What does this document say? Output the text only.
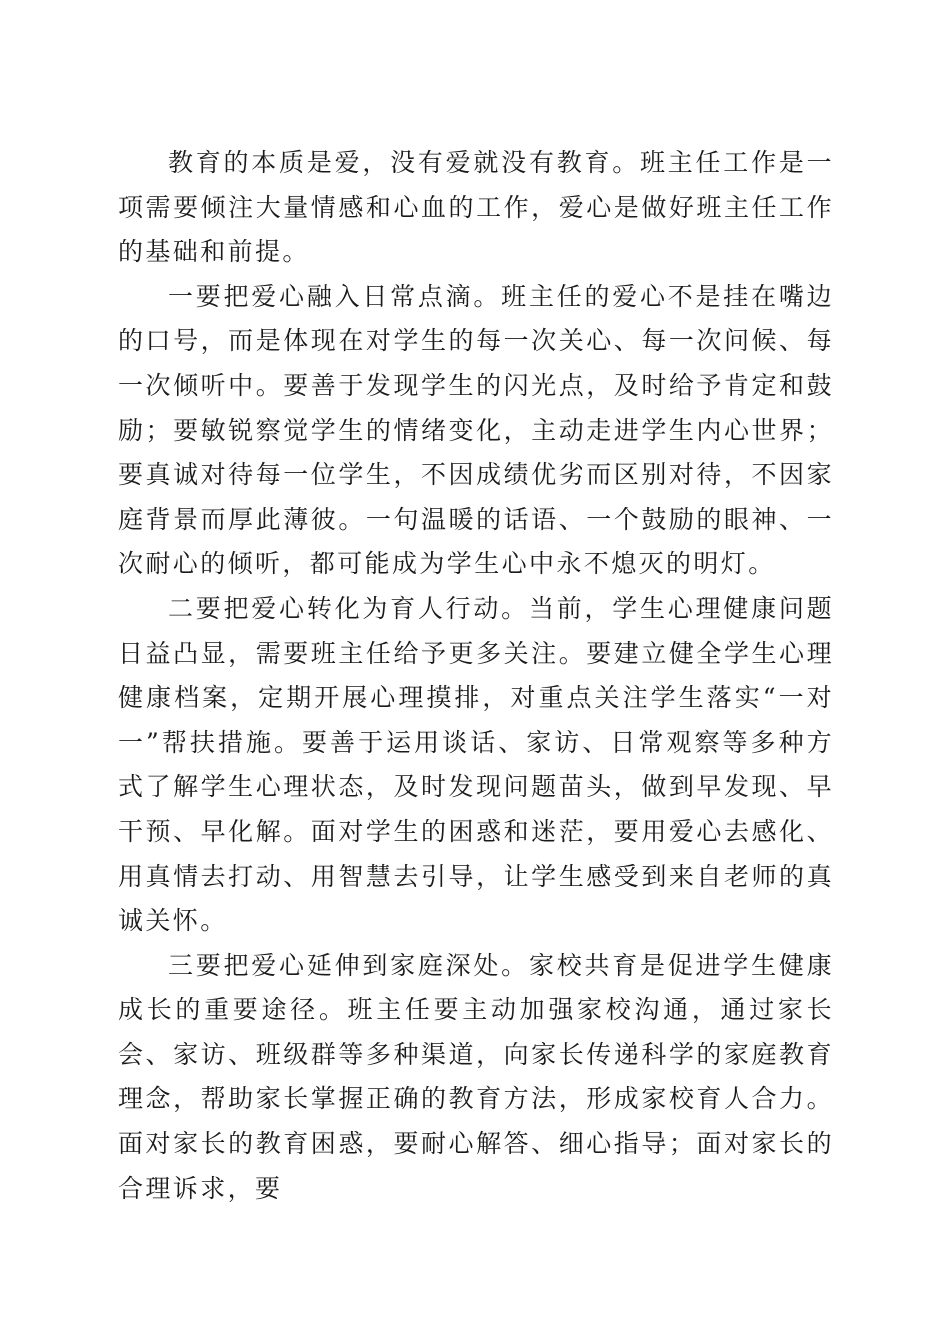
教育的本质是爱，没有爱就没有教育。班主任工作是一项需要倾注大量情感和心血的工作，爱心是做好班主任工作的基础和前提。

一要把爱心融入日常点滴。班主任的爱心不是挂在嘴边的口号，而是体现在对学生的每一次关心、每一次问候、每一次倾听中。要善于发现学生的闪光点，及时给予肯定和鼓励；要敏锐察觉学生的情绪变化，主动走进学生内心世界；要真诚对待每一位学生，不因成绩优劣而区别对待，不因家庭背景而厚此薄彼。一句温暖的话语、一个鼓励的眼神、一次耐心的倾听，都可能成为学生心中永不熄灭的明灯。

二要把爱心转化为育人行动。当前，学生心理健康问题日益凸显，需要班主任给予更多关注。要建立健全学生心理健康档案，定期开展心理摸排，对重点关注学生落实“一对一”帮扶措施。要善于运用谈话、家访、日常观察等多种方式了解学生心理状态，及时发现问题苗头，做到早发现、早干预、早化解。面对学生的困惑和迷茫，要用爱心去感化、用真情去打动、用智慧去引导，让学生感受到来自老师的真诚关怀。

三要把爱心延伸到家庭深处。家校共育是促进学生健康成长的重要途径。班主任要主动加强家校沟通，通过家长会、家访、班级群等多种渠道，向家长传递科学的家庭教育理念，帮助家长掌握正确的教育方法，形成家校育人合力。面对家长的教育困惑，要耐心解答、细心指导；面对家长的合理诉求，要
